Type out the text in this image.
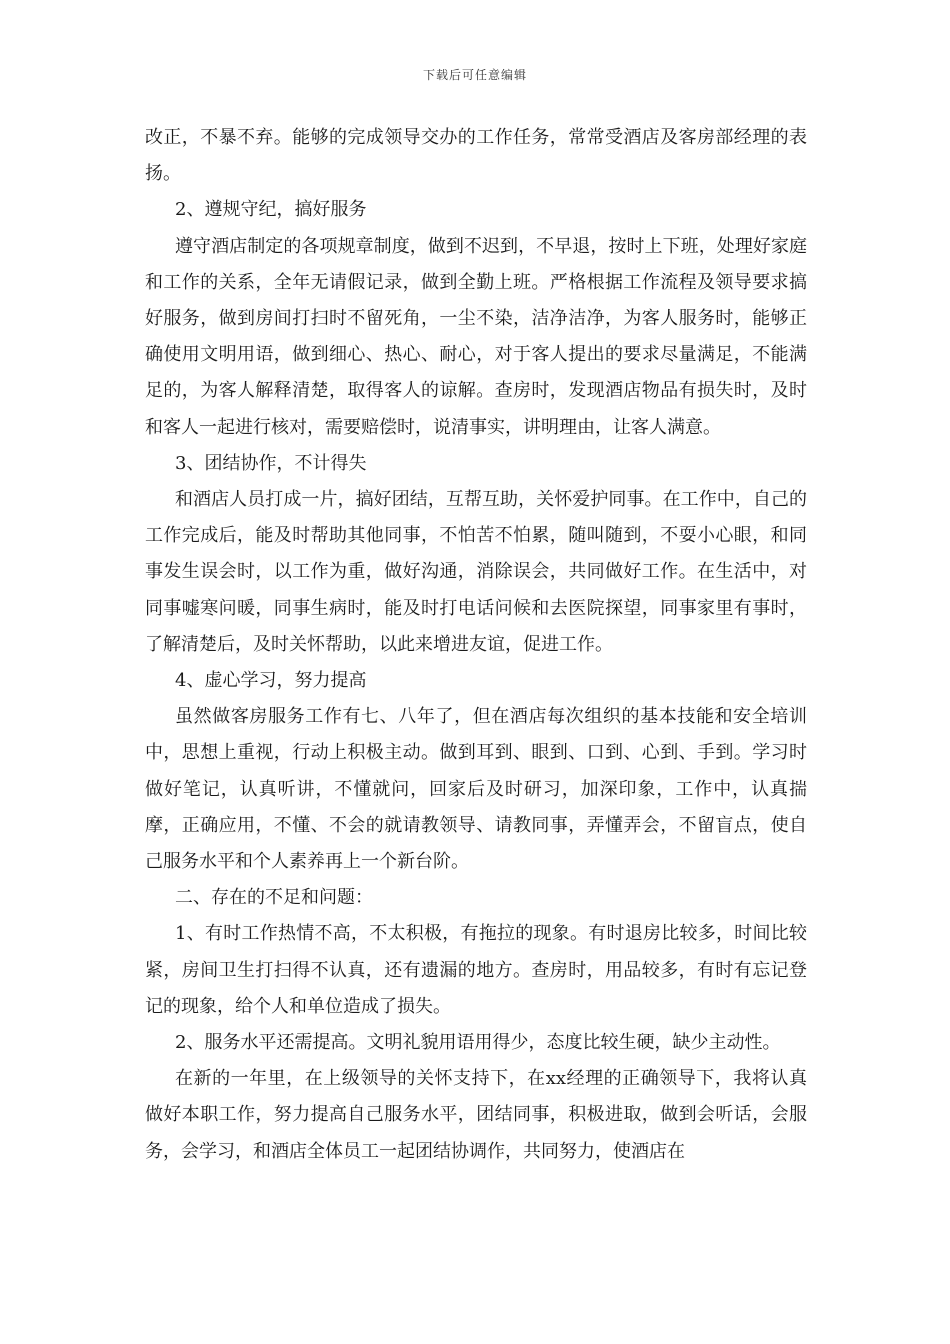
下载后可任意编辑

改正，不暴不弃。能够的完成领导交办的工作任务，常常受酒店及客房部经理的表扬。

2、遵规守纪，搞好服务

遵守酒店制定的各项规章制度，做到不迟到，不早退，按时上下班，处理好家庭和工作的关系，全年无请假记录，做到全勤上班。严格根据工作流程及领导要求搞好服务，做到房间打扫时不留死角，一尘不染，洁净洁净，为客人服务时，能够正确使用文明用语，做到细心、热心、耐心，对于客人提出的要求尽量满足，不能满足的，为客人解释清楚，取得客人的谅解。查房时，发现酒店物品有损失时，及时和客人一起进行核对，需要赔偿时，说清事实，讲明理由，让客人满意。

3、团结协作，不计得失

和酒店人员打成一片，搞好团结，互帮互助，关怀爱护同事。在工作中，自己的工作完成后，能及时帮助其他同事，不怕苦不怕累，随叫随到，不耍小心眼，和同事发生误会时，以工作为重，做好沟通，消除误会，共同做好工作。在生活中，对同事嘘寒问暖，同事生病时，能及时打电话问候和去医院探望，同事家里有事时，了解清楚后，及时关怀帮助，以此来增进友谊，促进工作。

4、虚心学习，努力提高

虽然做客房服务工作有七、八年了，但在酒店每次组织的基本技能和安全培训中，思想上重视，行动上积极主动。做到耳到、眼到、口到、心到、手到。学习时做好笔记，认真听讲，不懂就问，回家后及时研习，加深印象，工作中，认真揣摩，正确应用，不懂、不会的就请教领导、请教同事，弄懂弄会，不留盲点，使自己服务水平和个人素养再上一个新台阶。

二、存在的不足和问题：

1、有时工作热情不高，不太积极，有拖拉的现象。有时退房比较多，时间比较紧，房间卫生打扫得不认真，还有遗漏的地方。查房时，用品较多，有时有忘记登记的现象，给个人和单位造成了损失。

2、服务水平还需提高。文明礼貌用语用得少，态度比较生硬，缺少主动性。

在新的一年里，在上级领导的关怀支持下，在xx经理的正确领导下，我将认真做好本职工作，努力提高自己服务水平，团结同事，积极进取，做到会听话，会服务，会学习，和酒店全体员工一起团结协调作，共同努力，使酒店在
